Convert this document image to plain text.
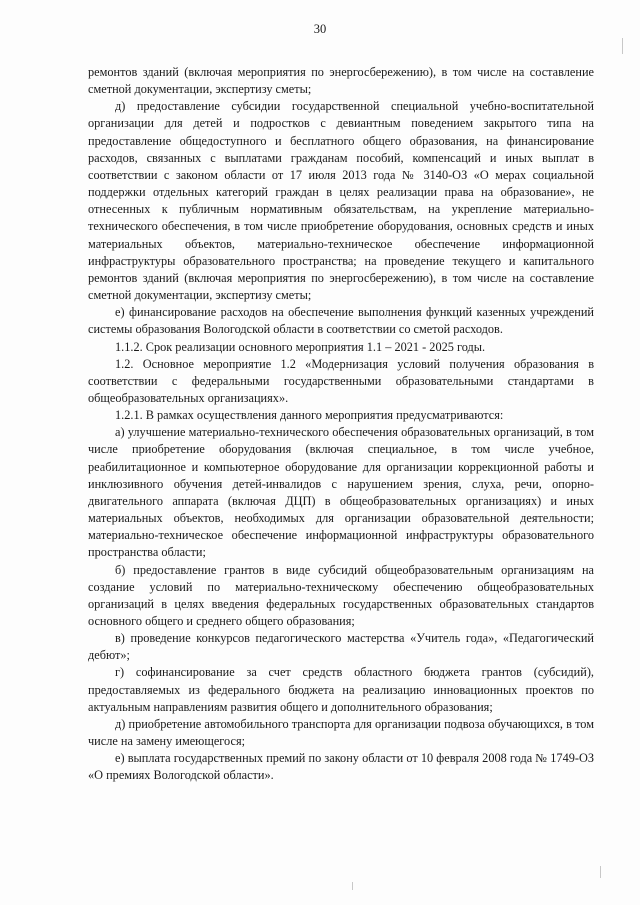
30

ремонтов зданий (включая мероприятия по энергосбережению), в том числе на составление сметной документации, экспертизу сметы;

д) предоставление субсидии государственной специальной учебно-воспитательной организации для детей и подростков с девиантным поведением закрытого типа на предоставление общедоступного и бесплатного общего образования, на финансирование расходов, связанных с выплатами гражданам пособий, компенсаций и иных выплат в соответствии с законом области от 17 июля 2013 года № 3140-ОЗ «О мерах социальной поддержки отдельных категорий граждан в целях реализации права на образование», не отнесенных к публичным нормативным обязательствам, на укрепление материально-технического обеспечения, в том числе приобретение оборудования, основных средств и иных материальных объектов, материально-техническое обеспечение информационной инфраструктуры образовательного пространства; на проведение текущего и капитального ремонтов зданий (включая мероприятия по энергосбережению), в том числе на составление сметной документации, экспертизу сметы;

е) финансирование расходов на обеспечение выполнения функций казенных учреждений системы образования Вологодской области в соответствии со сметой расходов.

1.1.2. Срок реализации основного мероприятия 1.1 – 2021 - 2025 годы.

1.2. Основное мероприятие 1.2 «Модернизация условий получения образования в соответствии с федеральными государственными образовательными стандартами в общеобразовательных организациях».

1.2.1. В рамках осуществления данного мероприятия предусматриваются:

а) улучшение материально-технического обеспечения образовательных организаций, в том числе приобретение оборудования (включая специальное, в том числе учебное, реабилитационное и компьютерное оборудование для организации коррекционной работы и инклюзивного обучения детей-инвалидов с нарушением зрения, слуха, речи, опорно-двигательного аппарата (включая ДЦП) в общеобразовательных организациях) и иных материальных объектов, необходимых для организации образовательной деятельности; материально-техническое обеспечение информационной инфраструктуры образовательного пространства области;

б) предоставление грантов в виде субсидий общеобразовательным организациям на создание условий по материально-техническому обеспечению общеобразовательных организаций в целях введения федеральных государственных образовательных стандартов основного общего и среднего общего образования;

в) проведение конкурсов педагогического мастерства «Учитель года», «Педагогический дебют»;

г) софинансирование за счет средств областного бюджета грантов (субсидий), предоставляемых из федерального бюджета на реализацию инновационных проектов по актуальным направлениям развития общего и дополнительного образования;

д) приобретение автомобильного транспорта для организации подвоза обучающихся, в том числе на замену имеющегося;

е) выплата государственных премий по закону области от 10 февраля 2008 года № 1749-ОЗ «О премиях Вологодской области».
